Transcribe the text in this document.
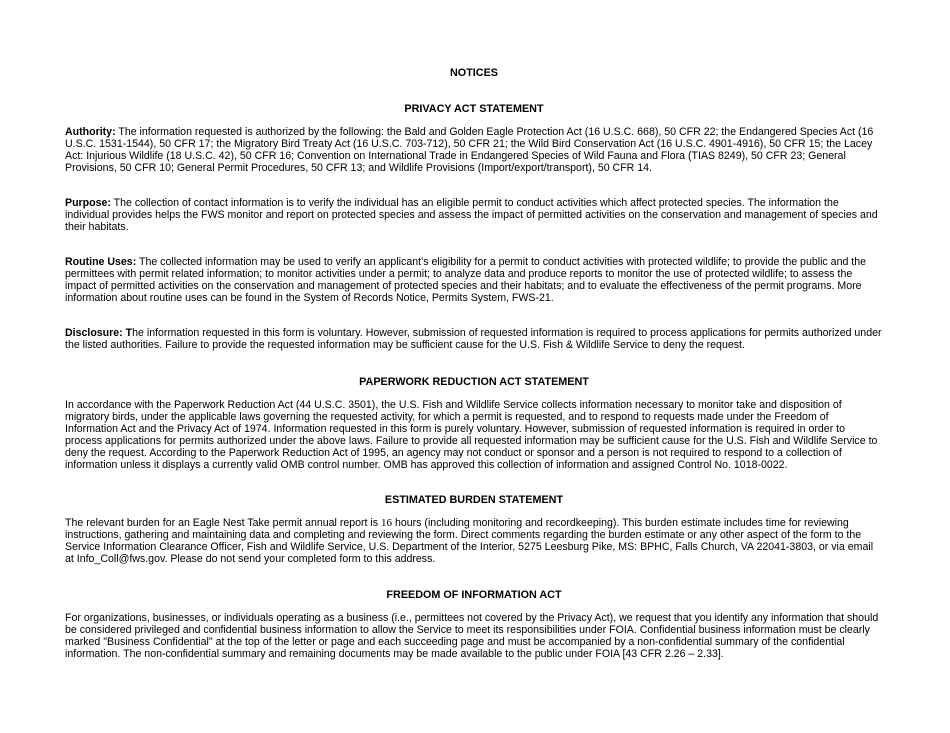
NOTICES
PRIVACY ACT STATEMENT

Authority: The information requested is authorized by the following: the Bald and Golden Eagle Protection Act (16 U.S.C. 668), 50 CFR 22; the Endangered Species Act (16 U.S.C. 1531-1544), 50 CFR 17; the Migratory Bird Treaty Act (16 U.S.C. 703-712), 50 CFR 21; the Wild Bird Conservation Act (16 U.S.C. 4901-4916), 50 CFR 15; the Lacey Act: Injurious Wildlife (18 U.S.C. 42), 50 CFR 16; Convention on International Trade in Endangered Species of Wild Fauna and Flora (TIAS 8249), 50 CFR 23; General Provisions, 50 CFR 10; General Permit Procedures, 50 CFR 13; and Wildlife Provisions (Import/export/transport), 50 CFR 14.

Purpose: The collection of contact information is to verify the individual has an eligible permit to conduct activities which affect protected species. The information the individual provides helps the FWS monitor and report on protected species and assess the impact of permitted activities on the conservation and management of species and their habitats.

Routine Uses: The collected information may be used to verify an applicant’s eligibility for a permit to conduct activities with protected wildlife; to provide the public and the permittees with permit related information; to monitor activities under a permit; to analyze data and produce reports to monitor the use of protected wildlife; to assess the impact of permitted activities on the conservation and management of protected species and their habitats; and to evaluate the effectiveness of the permit programs. More information about routine uses can be found in the System of Records Notice, Permits System, FWS-21.

Disclosure: The information requested in this form is voluntary. However, submission of requested information is required to process applications for permits authorized under the listed authorities. Failure to provide the requested information may be sufficient cause for the U.S. Fish & Wildlife Service to deny the request.

PAPERWORK REDUCTION ACT STATEMENT

In accordance with the Paperwork Reduction Act (44 U.S.C. 3501), the U.S. Fish and Wildlife Service collects information necessary to monitor take and disposition of migratory birds, under the applicable laws governing the requested activity, for which a permit is requested, and to respond to requests made under the Freedom of Information Act and the Privacy Act of 1974. Information requested in this form is purely voluntary. However, submission of requested information is required in order to process applications for permits authorized under the above laws. Failure to provide all requested information may be sufficient cause for the U.S. Fish and Wildlife Service to deny the request. According to the Paperwork Reduction Act of 1995, an agency may not conduct or sponsor and a person is not required to respond to a collection of information unless it displays a currently valid OMB control number. OMB has approved this collection of information and assigned Control No. 1018-0022.

ESTIMATED BURDEN STATEMENT

The relevant burden for an Eagle Nest Take permit annual report is 16 hours (including monitoring and recordkeeping). This burden estimate includes time for reviewing instructions, gathering and maintaining data and completing and reviewing the form. Direct comments regarding the burden estimate or any other aspect of the form to the Service Information Clearance Officer, Fish and Wildlife Service, U.S. Department of the Interior, 5275 Leesburg Pike, MS: BPHC, Falls Church, VA 22041-3803, or via email at Info_Coll@fws.gov. Please do not send your completed form to this address.

FREEDOM OF INFORMATION ACT

For organizations, businesses, or individuals operating as a business (i.e., permittees not covered by the Privacy Act), we request that you identify any information that should be considered privileged and confidential business information to allow the Service to meet its responsibilities under FOIA. Confidential business information must be clearly marked "Business Confidential" at the top of the letter or page and each succeeding page and must be accompanied by a non-confidential summary of the confidential information. The non-confidential summary and remaining documents may be made available to the public under FOIA [43 CFR 2.26 – 2.33].
